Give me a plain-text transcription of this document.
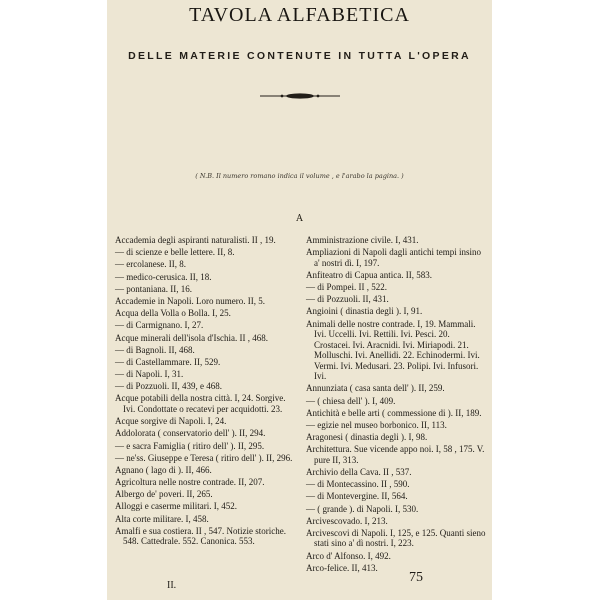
TAVOLA ALFABETICA
DELLE MATERIE CONTENUTE IN TUTTA L'OPERA
( N.B. Il numero romano indica il volume , e l'arabo la pagina. )
A
Accademia degli aspiranti naturalisti. II , 19.
— di scienze e belle lettere. II, 8.
— ercolanese. II, 8.
— medico-cerusica. II, 18.
— pontaniana. II, 16.
Accademie in Napoli. Loro numero. II, 5.
Acqua della Volla o Bolla. I, 25.
— di Carmignano. I, 27.
Acque minerali dell'isola d'Ischia. II , 468.
— di Bagnoli. II, 468.
— di Castellammare. II, 529.
— di Napoli. I, 31.
— di Pozzuoli. II, 439, e 468.
Acque potabili della nostra città. I, 24. Sorgive. Ivi. Condottate o recatevi per acquidotti. 23.
Acque sorgive di Napoli. I, 24.
Addolorata ( conservatorio dell' ). II, 294.
— e sacra Famiglia ( ritiro dell' ). II, 295.
— ne'ss. Giuseppe e Teresa ( ritiro dell' ). II, 296.
Agnano ( lago di ). II, 466.
Agricoltura nelle nostre contrade. II, 207.
Albergo de' poveri. II, 265.
Alloggi e caserme militari. I, 452.
Alta corte militare. I, 458.
Amalfi e sua costiera. II , 547. Notizie storiche. 548. Cattedrale. 552. Canonica. 553.
Amministrazione civile. I, 431.
Ampliazioni di Napoli dagli antichi tempi insino a' nostri dì. I, 197.
Anfiteatro di Capua antica. II, 583.
— di Pompei. II , 522.
— di Pozzuoli. II, 431.
Angioini ( dinastia degli ). I, 91.
Animali delle nostre contrade. I, 19. Mammali. Ivi. Uccelli. Ivi. Rettili. Ivi. Pesci. 20. Crostacei. Ivi. Aracnidi. Ivi. Miriapodi. 21. Molluschi. Ivi. Anellidi. 22. Echinodermi. Ivi. Vermi. Ivi. Medusari. 23. Polipi. Ivi. Infusori. Ivi.
Annunziata ( casa santa dell' ). II, 259.
— ( chiesa dell' ). I, 409.
Antichità e belle arti ( commessione di ). II, 189.
— egizie nel museo borbonico. II, 113.
Aragonesi ( dinastia degli ). I, 98.
Architettura. Sue vicende appo noi. I, 58 , 175. V. pure II, 313.
Archivio della Cava. II , 537.
— di Montecassino. II , 590.
— di Montevergine. II, 564.
— ( grande ). di Napoli. I, 530.
Arcivescovado. I, 213.
Arcivescovi di Napoli. I, 125, e 125. Quanti sieno stati sino a' dì nostri. I, 223.
Arco d' Alfonso. I, 492.
Arco-felice. II, 413.
II.
75
